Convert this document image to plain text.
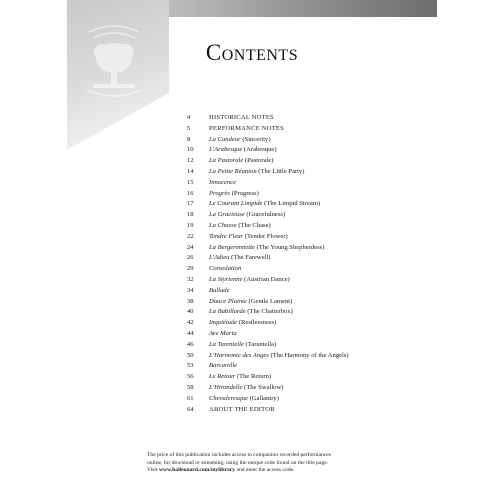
Contents
4	HISTORICAL NOTES
5	PERFORMANCE NOTES
8	La Candeur (Sincerity)
10	L'Arabesque (Arabesque)
12	La Pastorale (Pastorale)
14	La Petite Réunion (The Little Party)
15	Innocence
16	Progrès (Progress)
17	Le Courant Limpide (The Limpid Stream)
18	La Gracieuse (Gracefulness)
19	La Chasse (The Chase)
22	Tendre Fleur (Tender Flower)
24	La Bergeronnette (The Young Shepherdess)
26	L'Adieu (The Farewell)
29	Consolation
32	La Styrienne (Austrian Dance)
34	Ballade
38	Douce Plainte (Gentle Lament)
40	La Babillarde (The Chatterbox)
42	Inquiétude (Restlessness)
44	Ave Maria
46	La Tarentelle (Tarantella)
50	L'Harmonie des Anges (The Harmony of the Angels)
53	Barcarolle
56	Le Retour (The Return)
58	L'Hirondelle (The Swallow)
61	Chevaleresque (Gallantry)
64	ABOUT THE EDITOR
The price of this publication includes access to companion recorded performances
online, for download or streaming, using the unique code found on the title page.
Visit www.halleonard.com/mylibrary and enter the access code.
